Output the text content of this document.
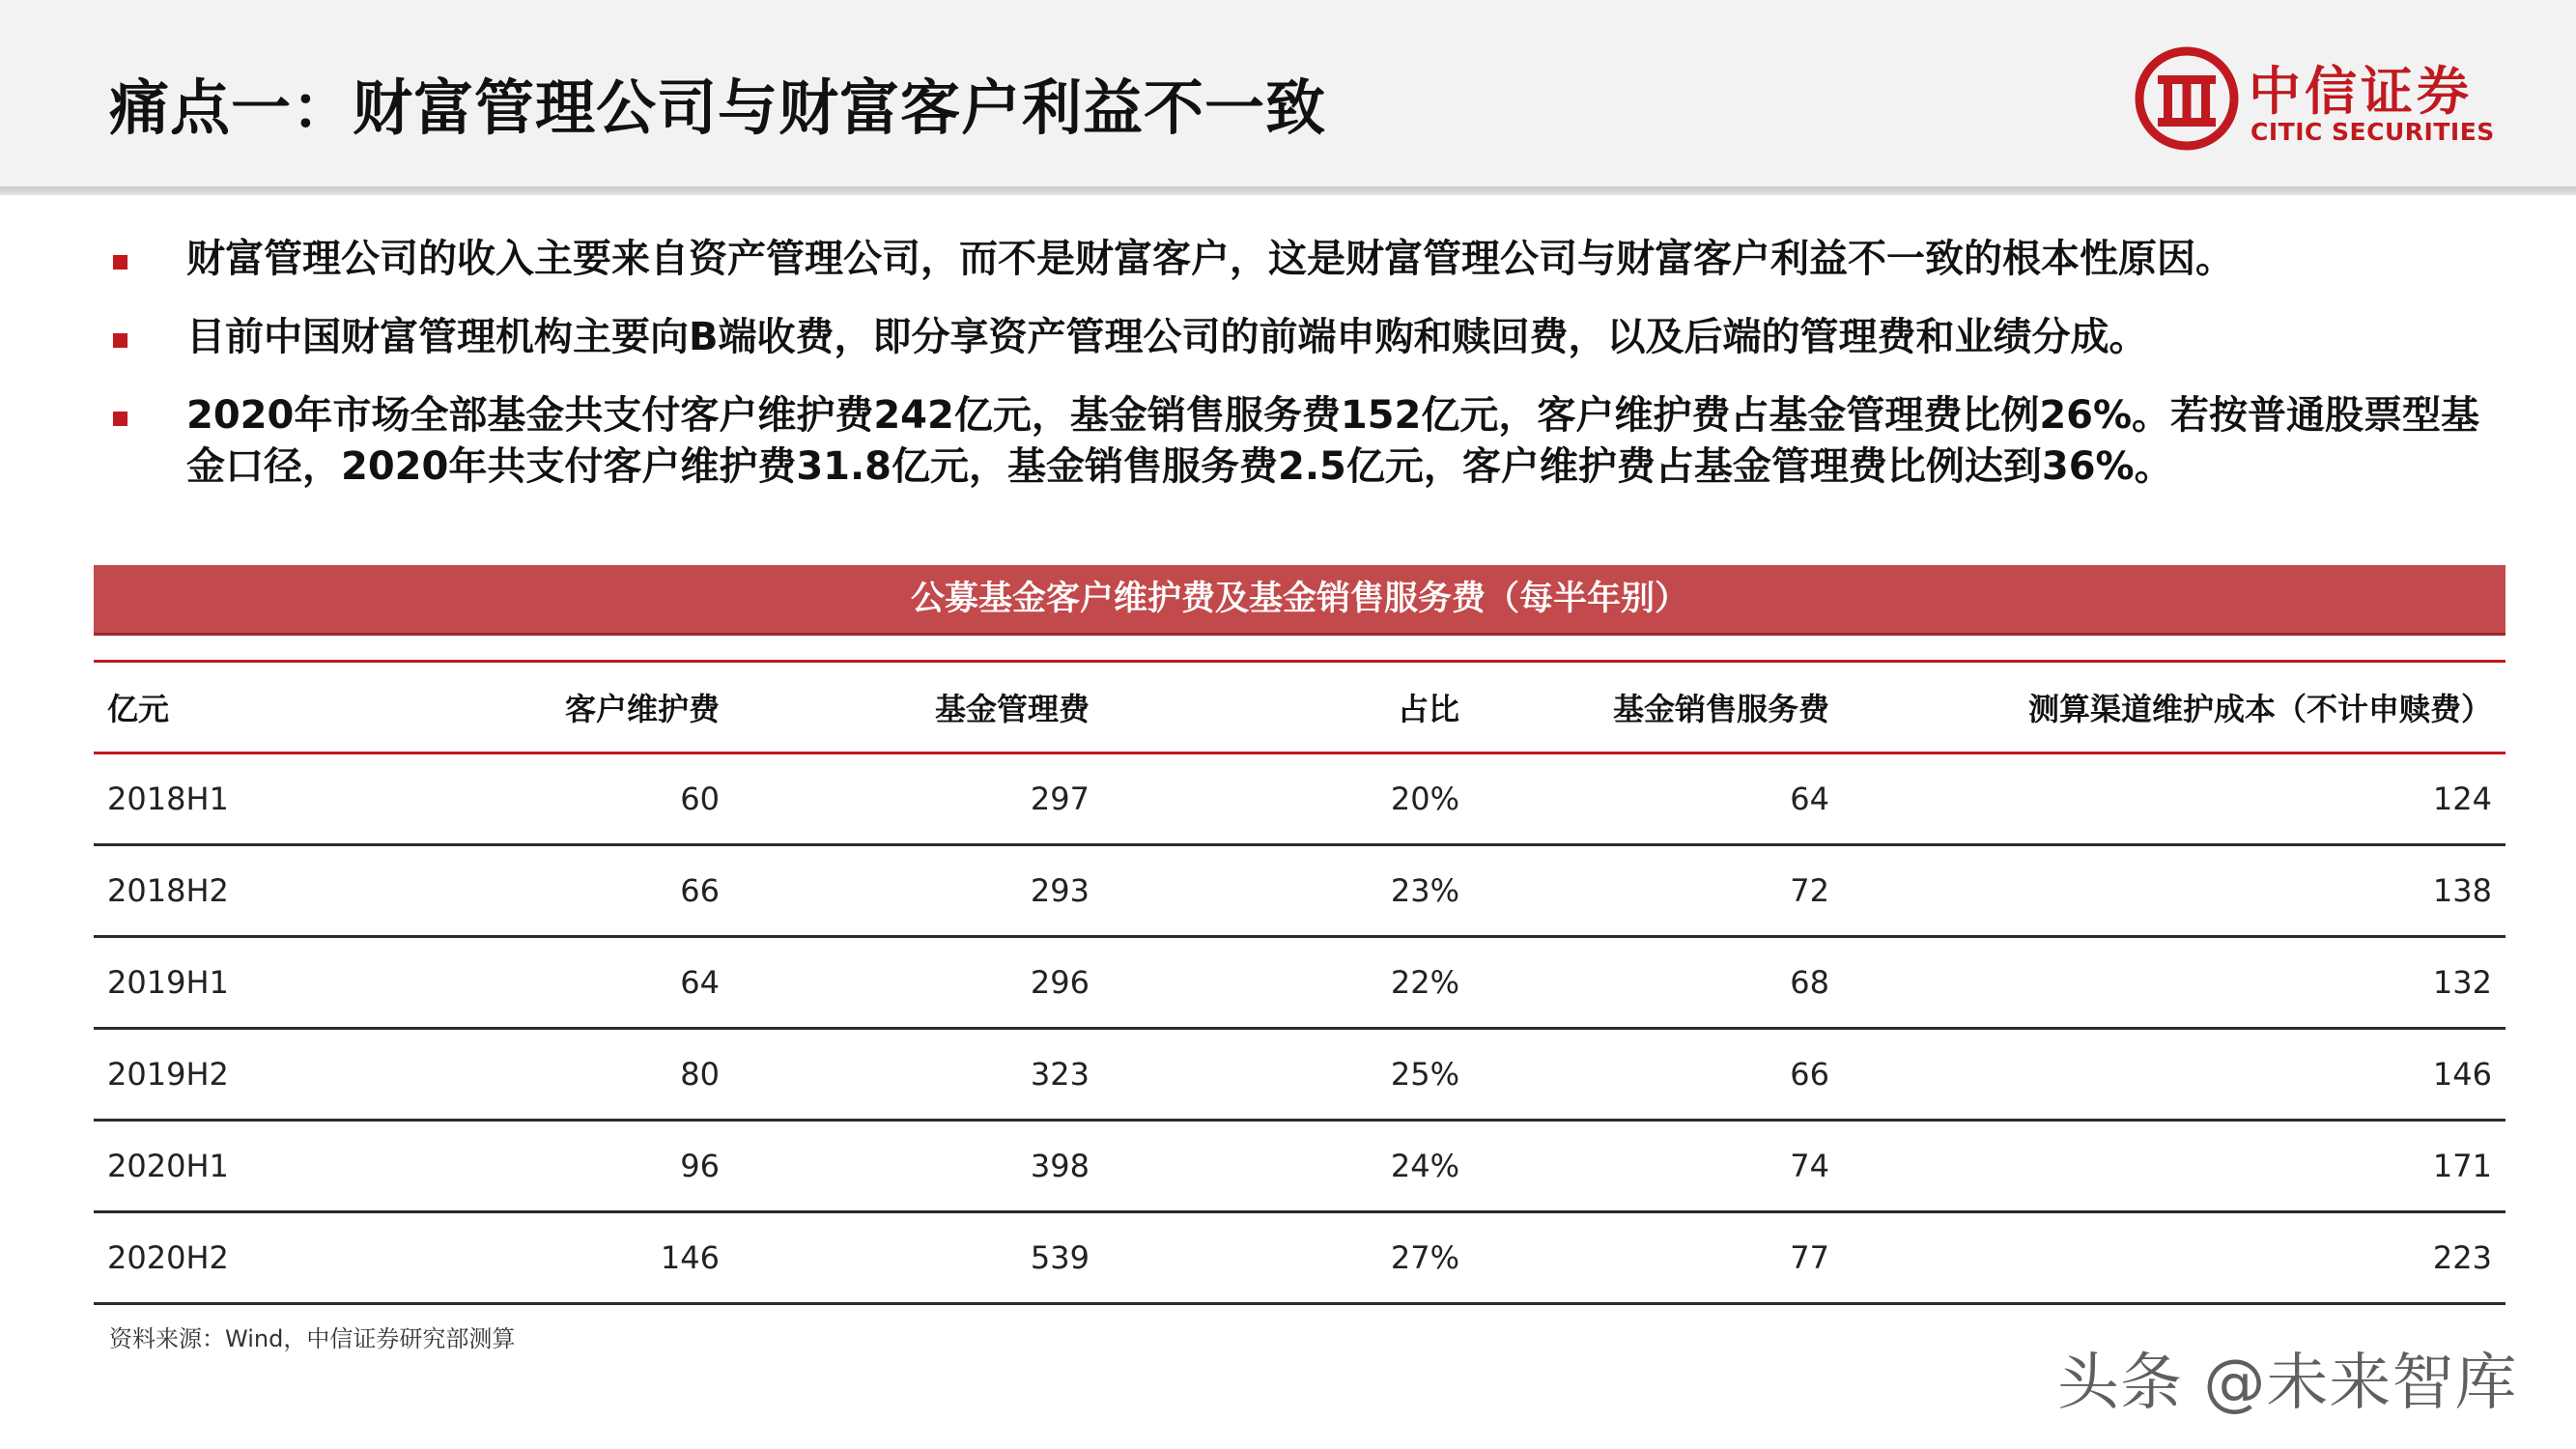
痛点一：财富管理公司与财富客户利益不一致	中信证券
CITIC SECURITIES
财富管理公司的收入主要来自资产管理公司，而不是财富客户，这是财富管理公司与财富客户利益不一致的根本性原因。
目前中国财富管理机构主要向B端收费，即分享资产管理公司的前端申购和赎回费，以及后端的管理费和业绩分成。
2020年市场全部基金共支付客户维护费242亿元，基金销售服务费152亿元，客户维护费占基金管理费比例26%。若按普通股票型基金口径，2020年共支付客户维护费31.8亿元，基金销售服务费2.5亿元，客户维护费占基金管理费比例达到36%。
公募基金客户维护费及基金销售服务费（每半年别）
亿元	客户维护费	基金管理费	占比	基金销售服务费	测算渠道维护成本（不计申赎费）
2018H1	60	297	20%	64	124
2018H2	66	293	23%	72	138
2019H1	64	296	22%	68	132
2019H2	80	323	25%	66	146
2020H1	96	398	24%	74	171
2020H2	146	539	27%	77	223
资料来源：Wind，中信证券研究部测算
头条 @未来智库
